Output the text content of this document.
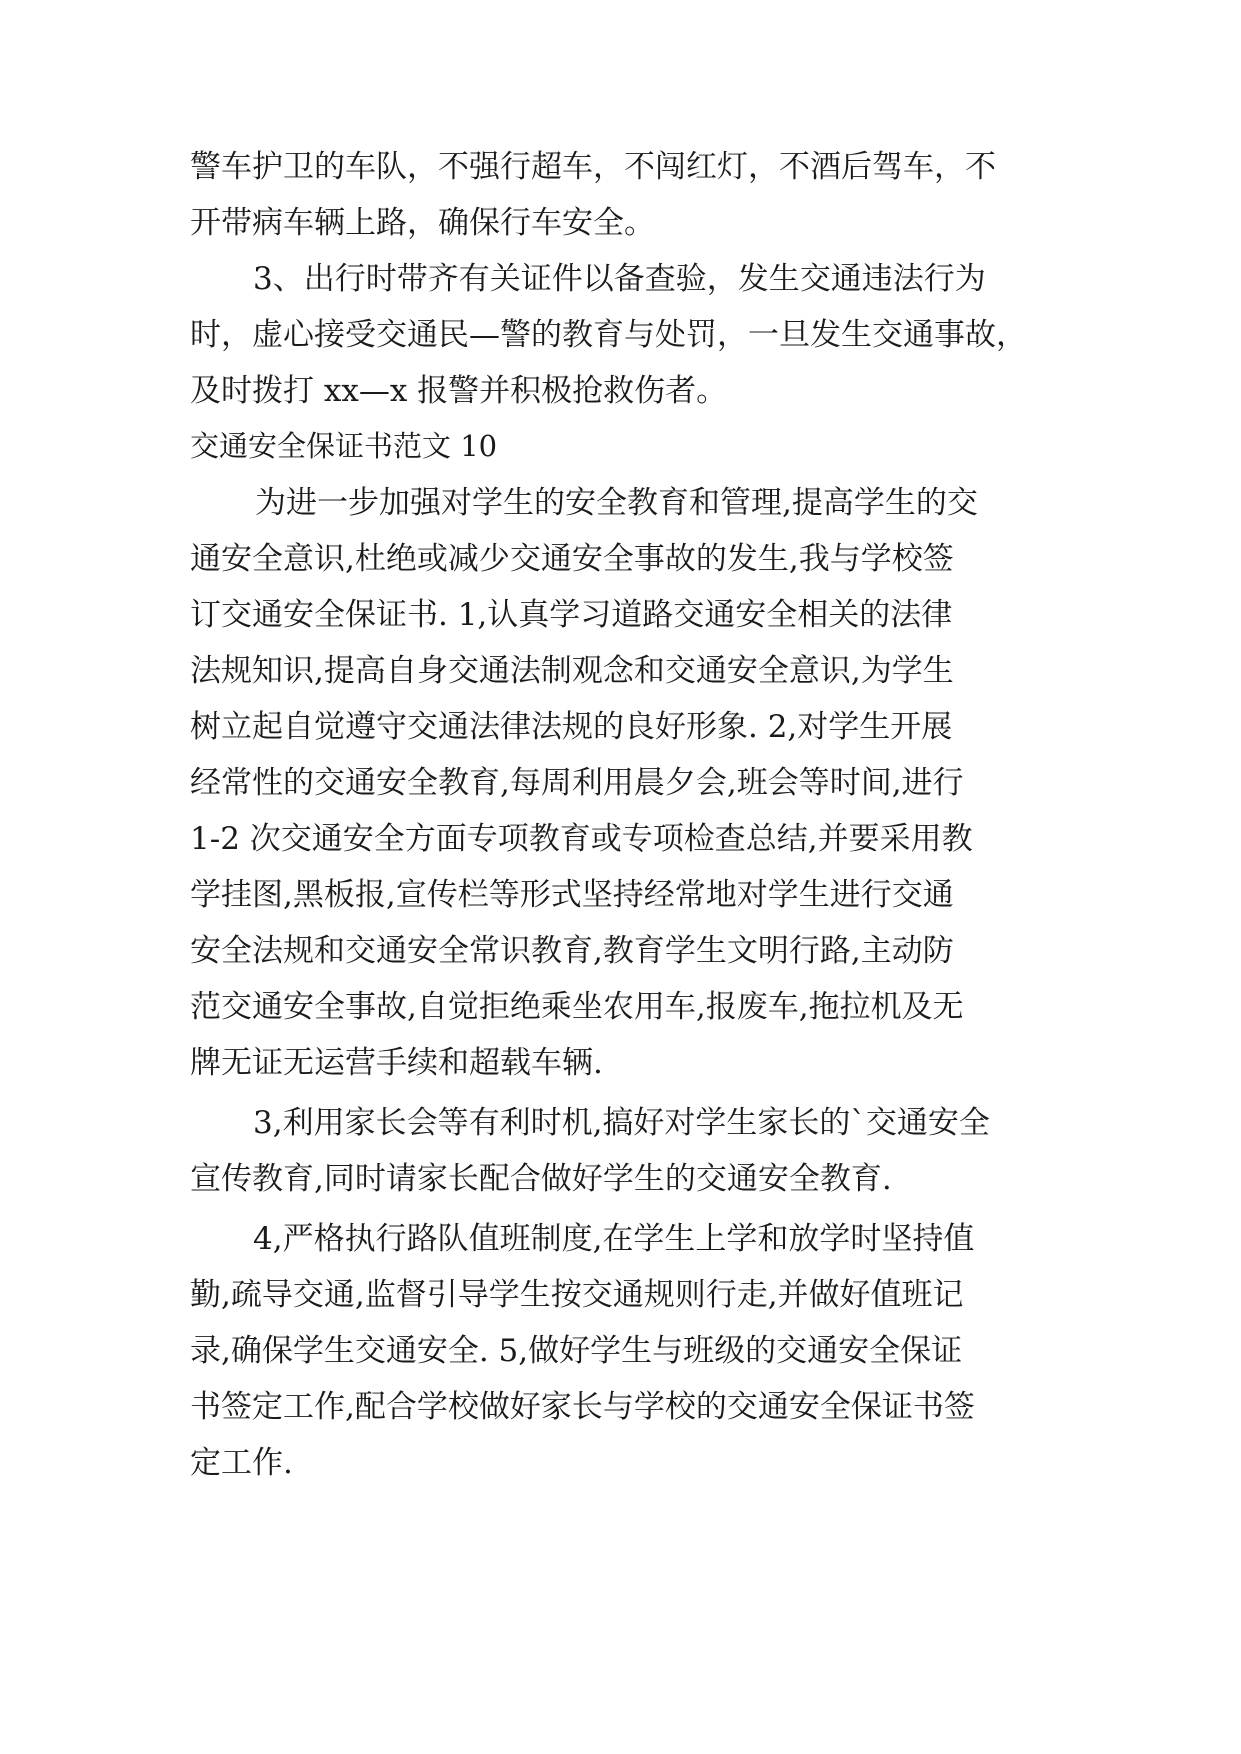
警车护卫的车队，不强行超车，不闯红灯，不酒后驾车，不
开带病车辆上路，确保行车安全。
3、出行时带齐有关证件以备查验，发生交通违法行为
时，虚心接受交通民—警的教育与处罚，一旦发生交通事故，
及时拨打 xx—x 报警并积极抢救伤者。
交通安全保证书范文 10
为进一步加强对学生的安全教育和管理,提高学生的交
通安全意识,杜绝或减少交通安全事故的发生,我与学校签
订交通安全保证书. 1,认真学习道路交通安全相关的法律
法规知识,提高自身交通法制观念和交通安全意识,为学生
树立起自觉遵守交通法律法规的良好形象. 2,对学生开展
经常性的交通安全教育,每周利用晨夕会,班会等时间,进行
1-2 次交通安全方面专项教育或专项检查总结,并要采用教
学挂图,黑板报,宣传栏等形式坚持经常地对学生进行交通
安全法规和交通安全常识教育,教育学生文明行路,主动防
范交通安全事故,自觉拒绝乘坐农用车,报废车,拖拉机及无
牌无证无运营手续和超载车辆.
3,利用家长会等有利时机,搞好对学生家长的`交通安全
宣传教育,同时请家长配合做好学生的交通安全教育.
4,严格执行路队值班制度,在学生上学和放学时坚持值
勤,疏导交通,监督引导学生按交通规则行走,并做好值班记
录,确保学生交通安全. 5,做好学生与班级的交通安全保证
书签定工作,配合学校做好家长与学校的交通安全保证书签
定工作.
